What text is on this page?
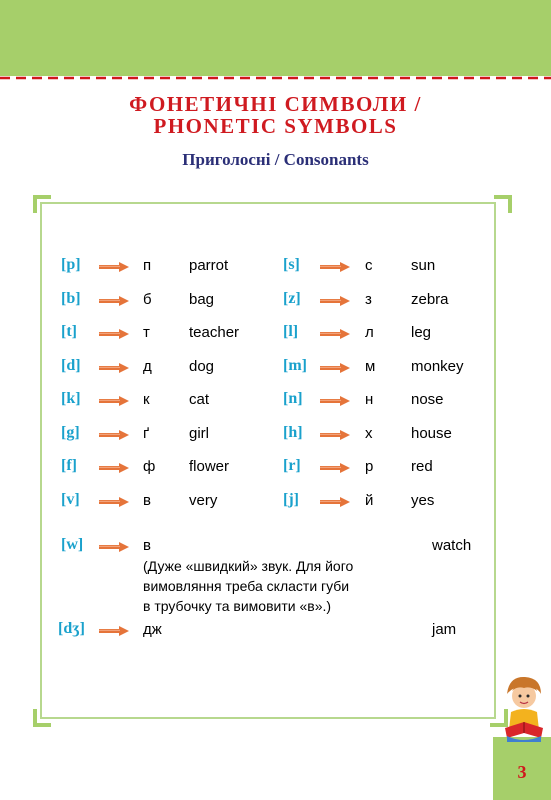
ФОНЕТИЧНІ СИМВОЛИ /
PHONETIC SYMBOLS
Приголосні / Consonants
[p]	п	parrot
[b]	б bag
[t]	т	teacher
[d]	д dog
[k]	к	cat
[g]	ґ	girl
[f]	ф flower
[v]	в	very
[s]	с	sun
[z]	з	zebra
[l]	л leg
[m]	м monkey
[n]	н	nose
[h]	х	house
[r]	р	red
[j]	й	yes
[w]	в	watch
(Дуже «швидкий» звук. Для його
вимовляння треба скласти губи
в трубочку та вимовити «в».)
[dʒ]	дж	jam
3
